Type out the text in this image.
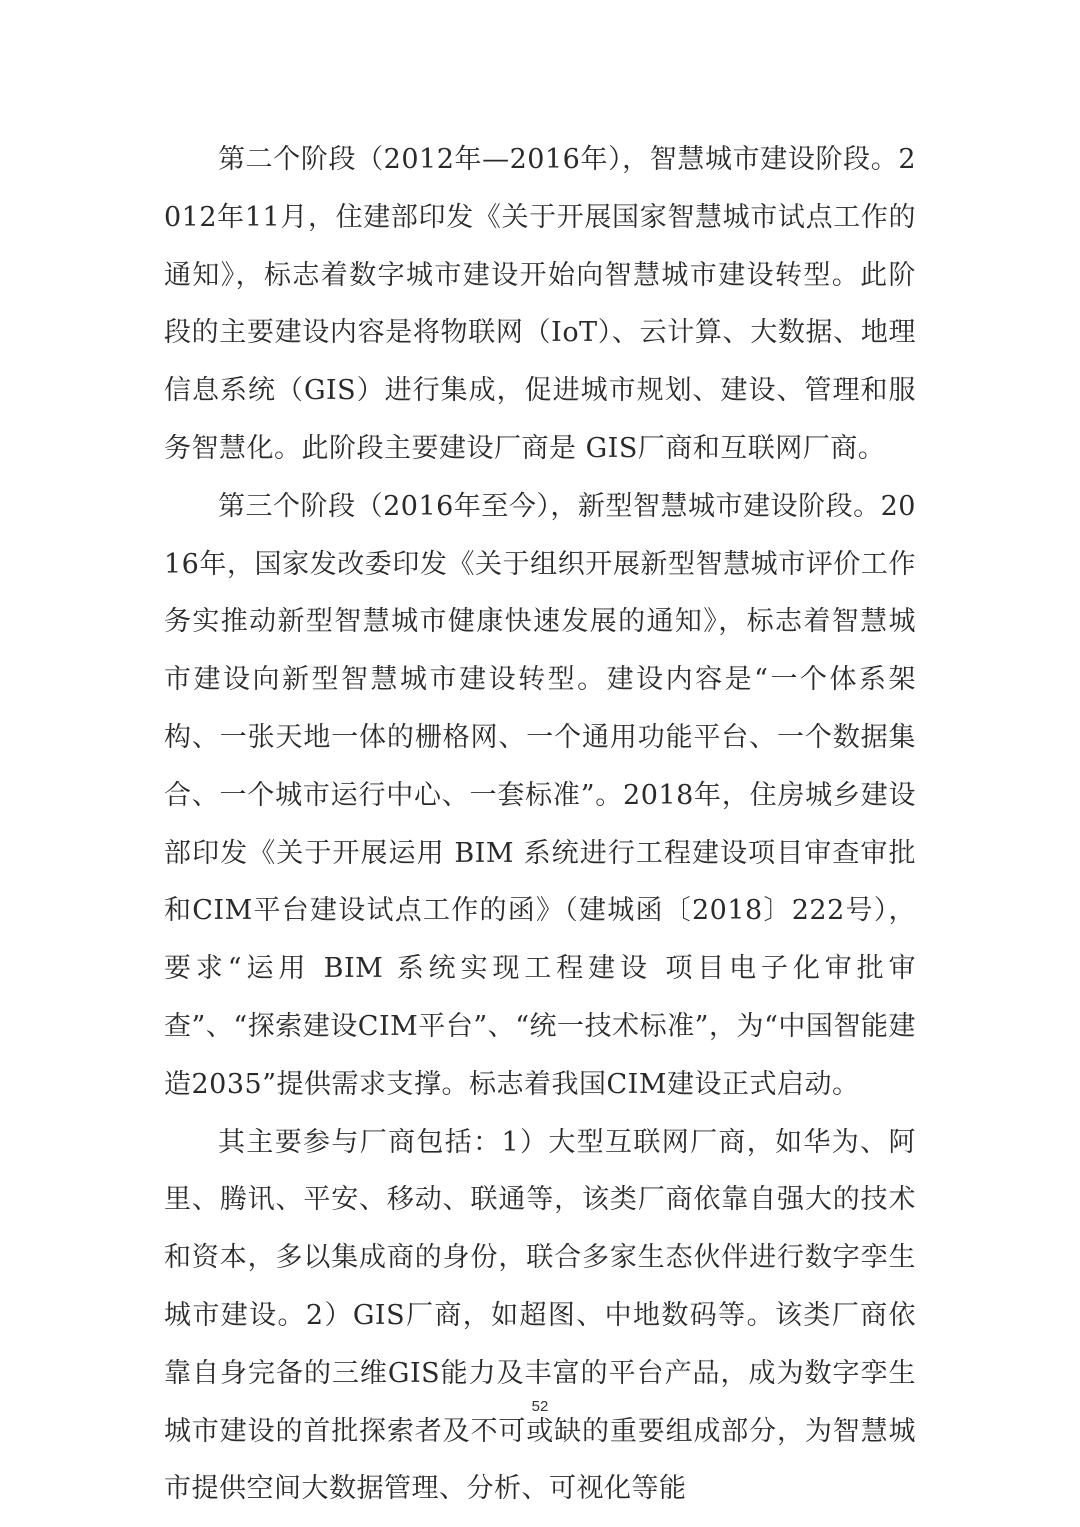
第二个阶段（2012年—2016年），智慧城市建设阶段。2012年11月，住建部印发《关于开展国家智慧城市试点工作的通知》，标志着数字城市建设开始向智慧城市建设转型。此阶段的主要建设内容是将物联网（IoT）、云计算、大数据、地理信息系统（GIS）进行集成，促进城市规划、建设、管理和服务智慧化。此阶段主要建设厂商是 GIS厂商和互联网厂商。

第三个阶段（2016年至今），新型智慧城市建设阶段。2016年，国家发改委印发《关于组织开展新型智慧城市评价工作务实推动新型智慧城市健康快速发展的通知》，标志着智慧城市建设向新型智慧城市建设转型。建设内容是“一个体系架构、一张天地一体的栅格网、一个通用功能平台、一个数据集合、一个城市运行中心、一套标准”。2018年，住房城乡建设部印发《关于开展运用 BIM 系统进行工程建设项目审查审批和CIM平台建设试点工作的函》（建城函〔2018〕222号），要求“运用 BIM 系统实现工程建设 项目电子化审批审查”、“探索建设CIM平台”、“统一技术标准”，为“中国智能建造2035”提供需求支撑。标志着我国CIM建设正式启动。

其主要参与厂商包括：1）大型互联网厂商，如华为、阿里、腾讯、平安、移动、联通等，该类厂商依靠自强大的技术和资本，多以集成商的身份，联合多家生态伙伴进行数字孪生城市建设。2）GIS厂商，如超图、中地数码等。该类厂商依靠自身完备的三维GIS能力及丰富的平台产品，成为数字孪生城市建设的首批探索者及不可或缺的重要组成部分，为智慧城市提供空间大数据管理、分析、可视化等能

52
